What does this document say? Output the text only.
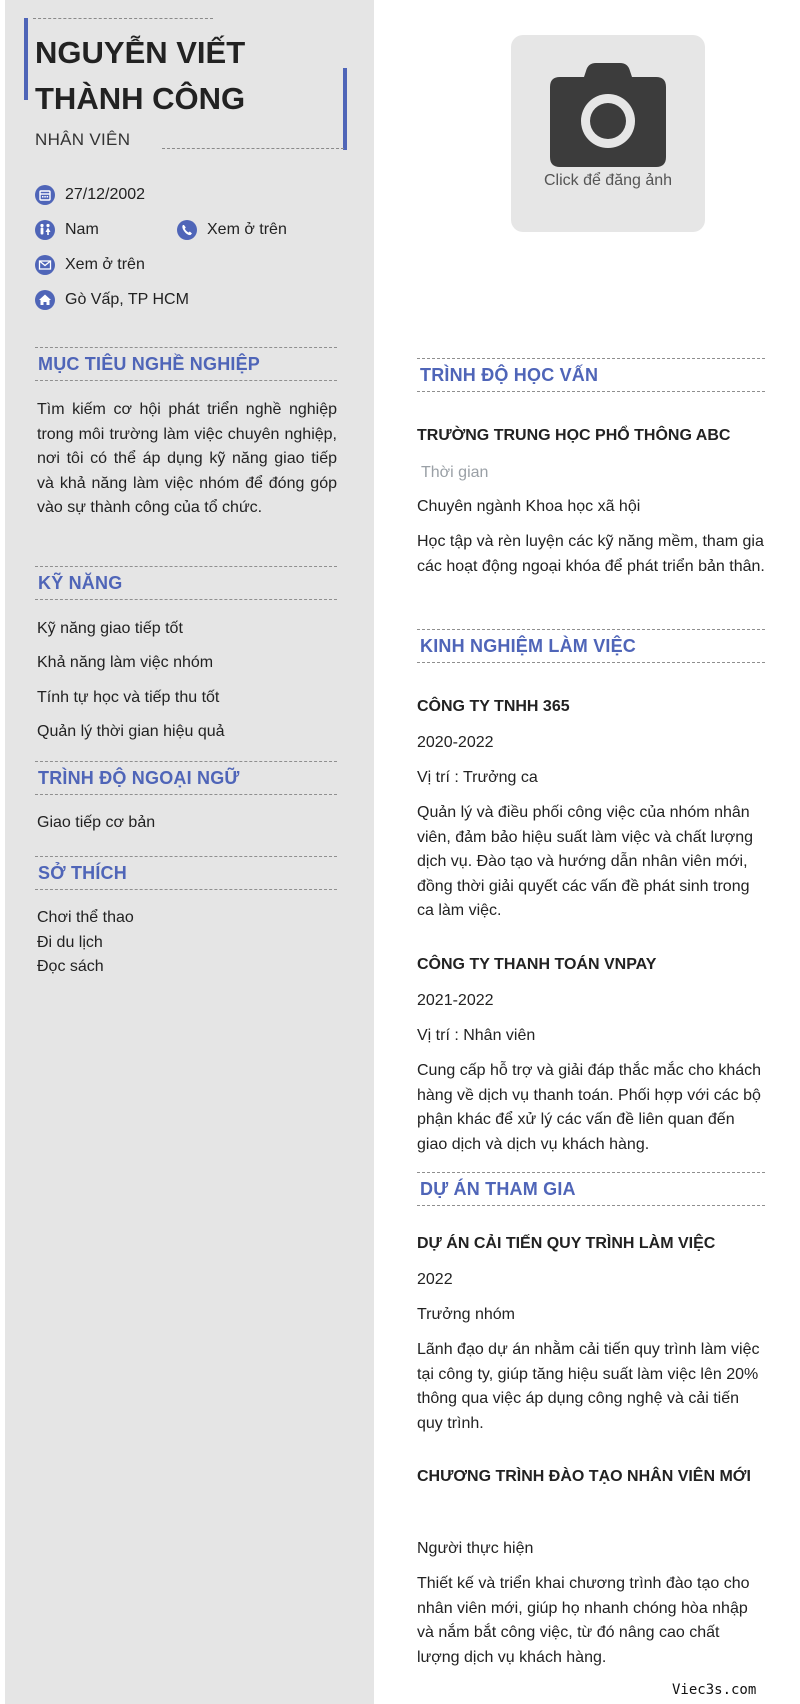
NGUYỄN VIẾT THÀNH CÔNG
NHÂN VIÊN
27/12/2002
Nam	Xem ở trên
Xem ở trên
Gò Vấp, TP HCM
Click để đăng ảnh
MỤC TIÊU NGHỀ NGHIỆP
Tìm kiếm cơ hội phát triển nghề nghiệp trong môi trường làm việc chuyên nghiệp, nơi tôi có thể áp dụng kỹ năng giao tiếp và khả năng làm việc nhóm để đóng góp vào sự thành công của tổ chức.
KỸ NĂNG
Kỹ năng giao tiếp tốt
Khả năng làm việc nhóm
Tính tự học và tiếp thu tốt
Quản lý thời gian hiệu quả
TRÌNH ĐỘ NGOẠI NGỮ
Giao tiếp cơ bản
SỞ THÍCH
Chơi thể thao
Đi du lịch
Đọc sách
TRÌNH ĐỘ HỌC VẤN
TRƯỜNG TRUNG HỌC PHỔ THÔNG ABC
Thời gian
Chuyên ngành Khoa học xã hội
Học tập và rèn luyện các kỹ năng mềm, tham gia các hoạt động ngoại khóa để phát triển bản thân.
KINH NGHIỆM LÀM VIỆC
CÔNG TY TNHH 365
2020-2022
Vị trí : Trưởng ca
Quản lý và điều phối công việc của nhóm nhân viên, đảm bảo hiệu suất làm việc và chất lượng dịch vụ. Đào tạo và hướng dẫn nhân viên mới, đồng thời giải quyết các vấn đề phát sinh trong ca làm việc.
CÔNG TY THANH TOÁN VNPAY
2021-2022
Vị trí : Nhân viên
Cung cấp hỗ trợ và giải đáp thắc mắc cho khách hàng về dịch vụ thanh toán. Phối hợp với các bộ phận khác để xử lý các vấn đề liên quan đến giao dịch và dịch vụ khách hàng.
DỰ ÁN THAM GIA
DỰ ÁN CẢI TIẾN QUY TRÌNH LÀM VIỆC
2022
Trưởng nhóm
Lãnh đạo dự án nhằm cải tiến quy trình làm việc tại công ty, giúp tăng hiệu suất làm việc lên 20% thông qua việc áp dụng công nghệ và cải tiến quy trình.
CHƯƠNG TRÌNH ĐÀO TẠO NHÂN VIÊN MỚI
Người thực hiện
Thiết kế và triển khai chương trình đào tạo cho nhân viên mới, giúp họ nhanh chóng hòa nhập và nắm bắt công việc, từ đó nâng cao chất lượng dịch vụ khách hàng.
Viec3s.com
